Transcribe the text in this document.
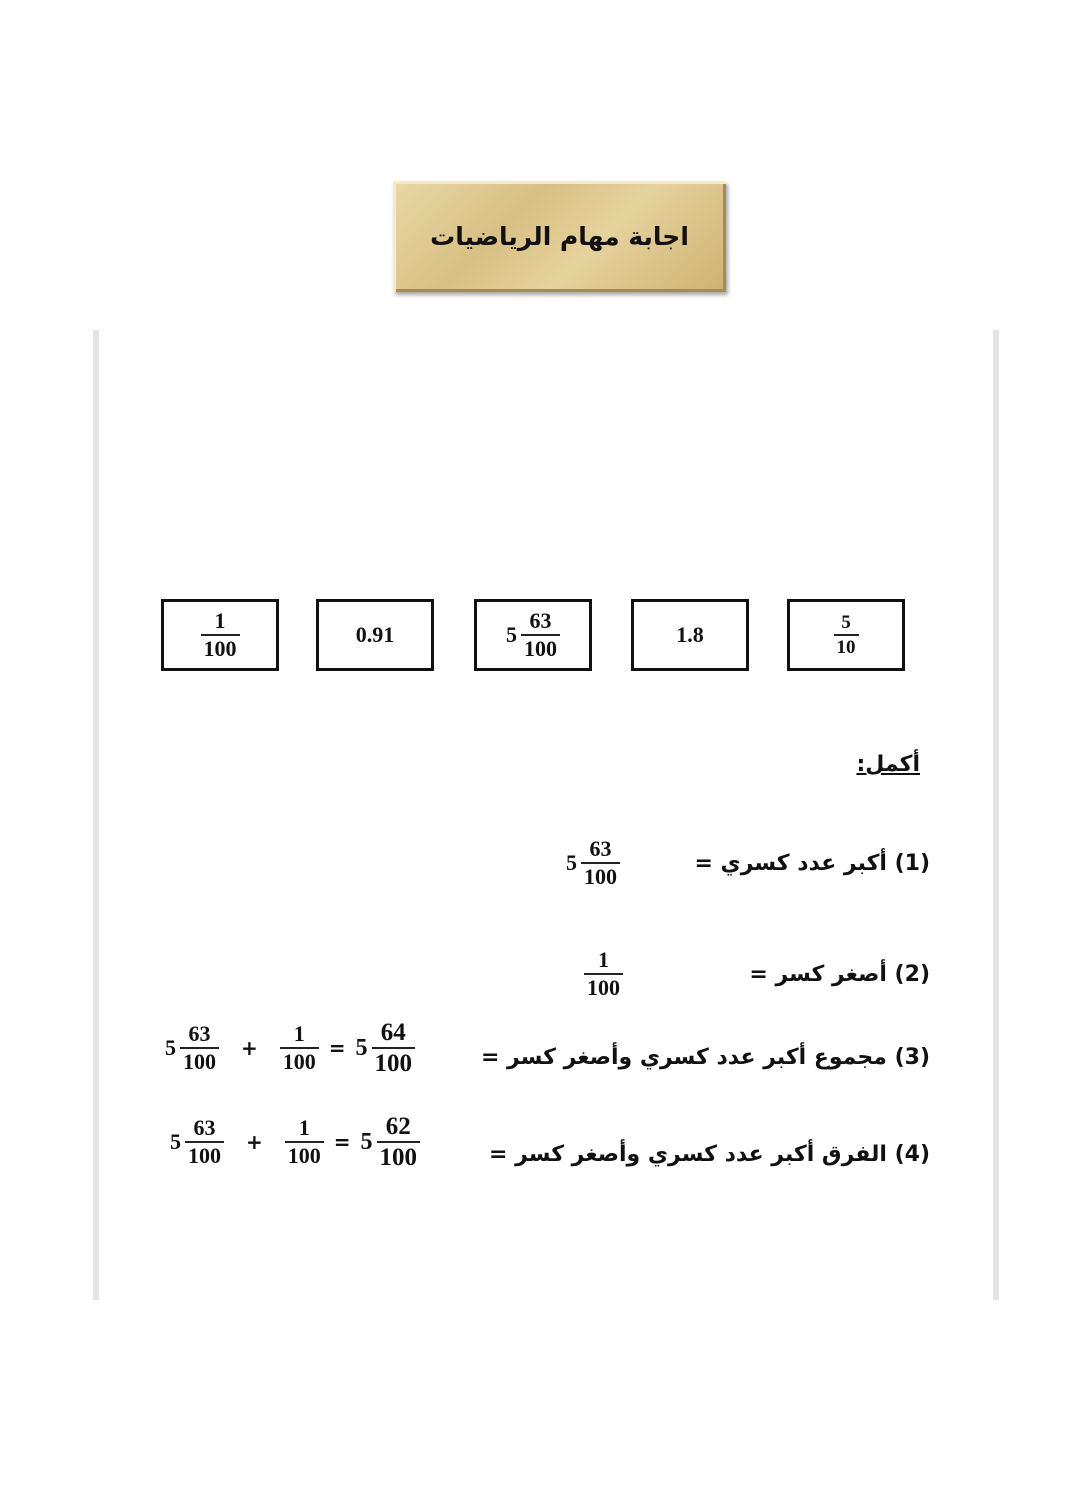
اجابة مهام الرياضيات
$\frac{1}{100}$	0.91	$5 \frac{63}{100}$	1.8	$\frac{5}{10}$
أكمل:
(1) أكبر عدد كسري =
$5 \frac{63}{100}$
(2) أصغر كسر =
$\frac{1}{100}$
(3) مجموع أكبر عدد كسري وأصغر كسر =
$5 \frac{63}{100} + \frac{1}{100} = 5 \frac{64}{100}$
(4) الفرق أكبر عدد كسري وأصغر كسر =
$5 \frac{63}{100} + \frac{1}{100} = 5 \frac{62}{100}$
